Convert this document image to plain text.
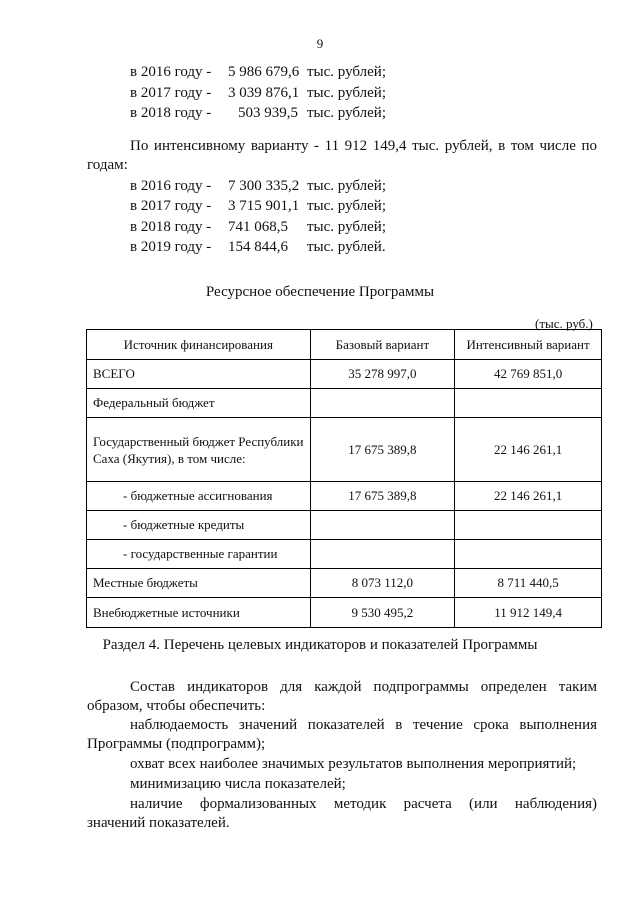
9
в 2016 году - 5 986 679,6 тыс. рублей;
в 2017 году - 3 039 876,1 тыс. рублей;
в 2018 году - 503 939,5 тыс. рублей;
По интенсивному варианту - 11 912 149,4 тыс. рублей, в том числе по
годам:
в 2016 году - 7 300 335,2 тыс. рублей;
в 2017 году - 3 715 901,1 тыс. рублей;
в 2018 году - 741 068,5 тыс. рублей;
в 2019 году - 154 844,6 тыс. рублей.
Ресурсное обеспечение Программы
(тыс. руб.)
Источник финансирования	Базовый вариант	Интенсивный вариант
ВСЕГО	35 278 997,0	42 769 851,0
Федеральный бюджет		
Государственный бюджет Республики Саха (Якутия), в том числе:	17 675 389,8	22 146 261,1
- бюджетные ассигнования	17 675 389,8	22 146 261,1
- бюджетные кредиты		
- государственные гарантии		
Местные бюджеты	8 073 112,0	8 711 440,5
Внебюджетные источники	9 530 495,2	11 912 149,4
Раздел 4. Перечень целевых индикаторов и показателей Программы
Состав индикаторов для каждой подпрограммы определен таким
образом, чтобы обеспечить:
наблюдаемость значений показателей в течение срока выполнения
Программы (подпрограмм);
охват всех наиболее значимых результатов выполнения мероприятий;
минимизацию числа показателей;
наличие формализованных методик расчета (или наблюдения)
значений показателей.
